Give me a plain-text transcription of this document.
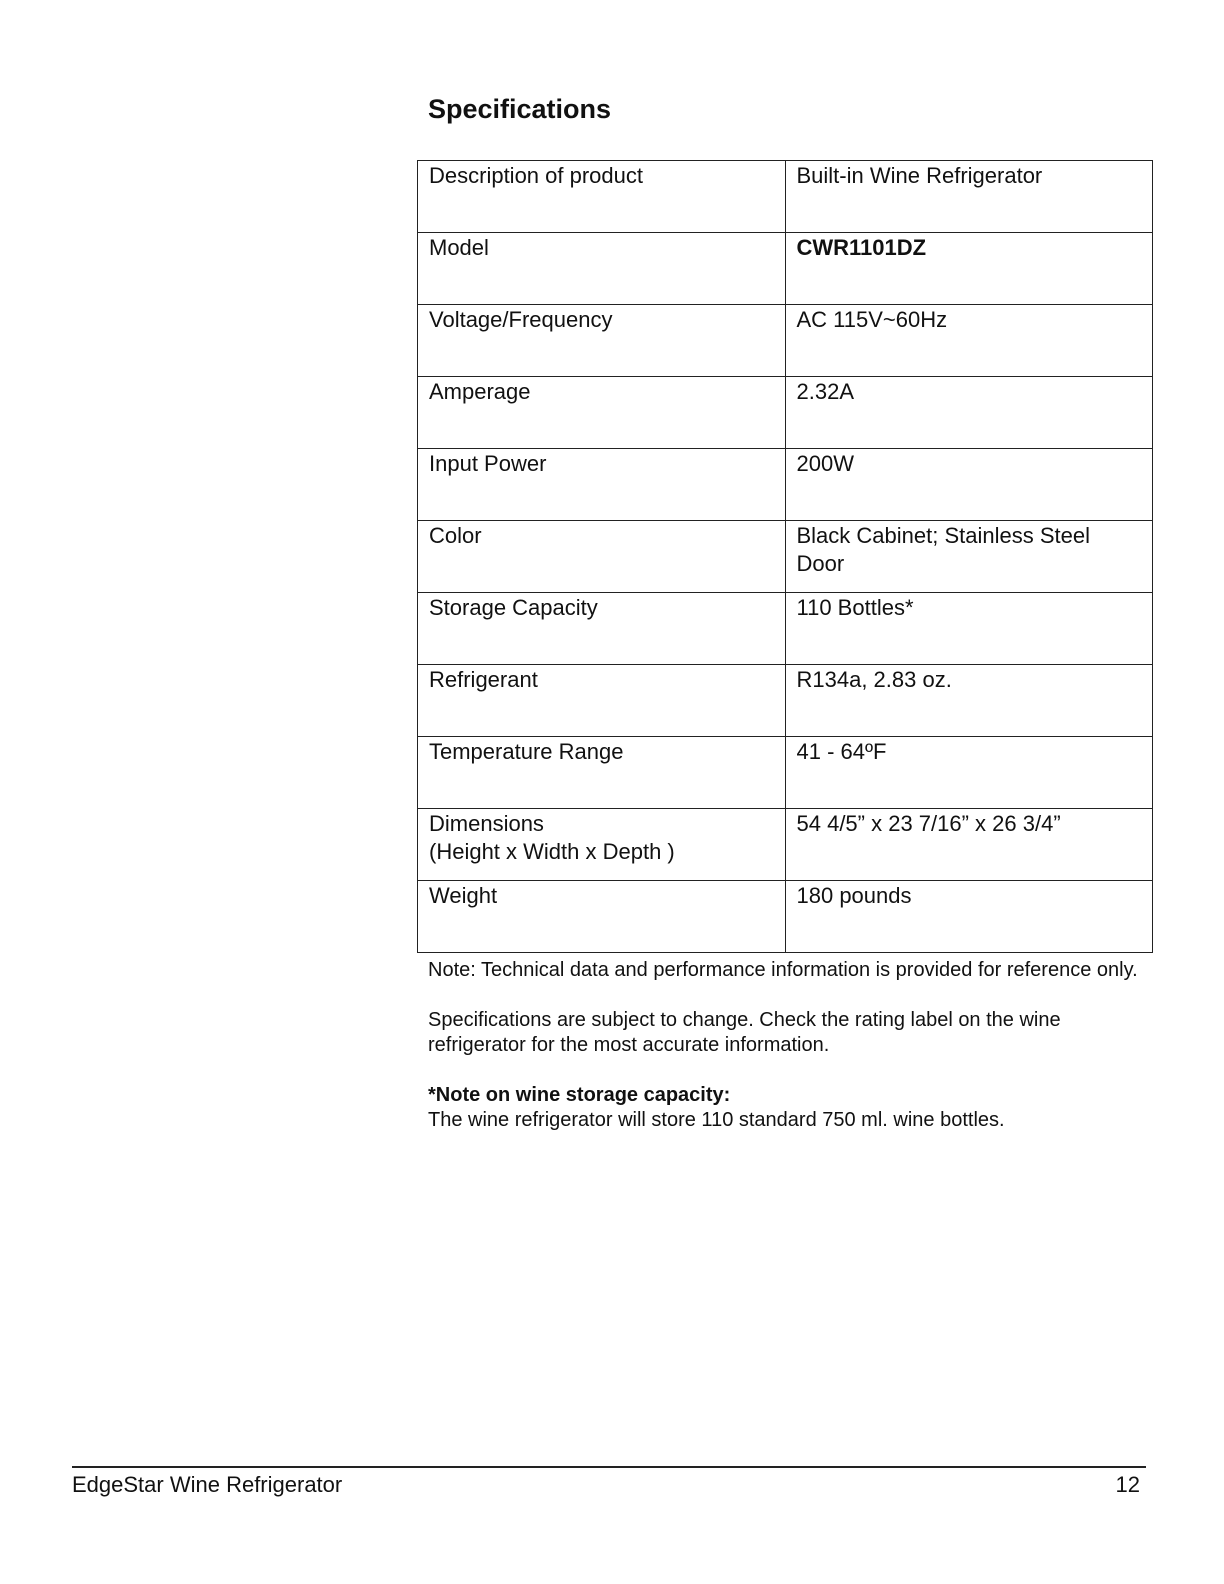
Specifications
Description of product	Built-in Wine Refrigerator
Model	CWR1101DZ
Voltage/Frequency	AC 115V~60Hz
Amperage	2.32A
Input Power	200W
Color	Black Cabinet; Stainless Steel Door
Storage Capacity	110 Bottles*
Refrigerant	R134a, 2.83 oz.
Temperature Range	41 - 64ºF

Dimensions
(Height x Width x Depth )	54 4/5” x 23 7/16” x 26 3/4”
Weight	180 pounds

Note: Technical data and performance information is provided for reference only.

Specifications are subject to change. Check the rating label on the wine refrigerator for the most accurate information.

*Note on wine storage capacity:
The wine refrigerator will store 110 standard 750 ml. wine bottles.

EdgeStar Wine Refrigerator	12
